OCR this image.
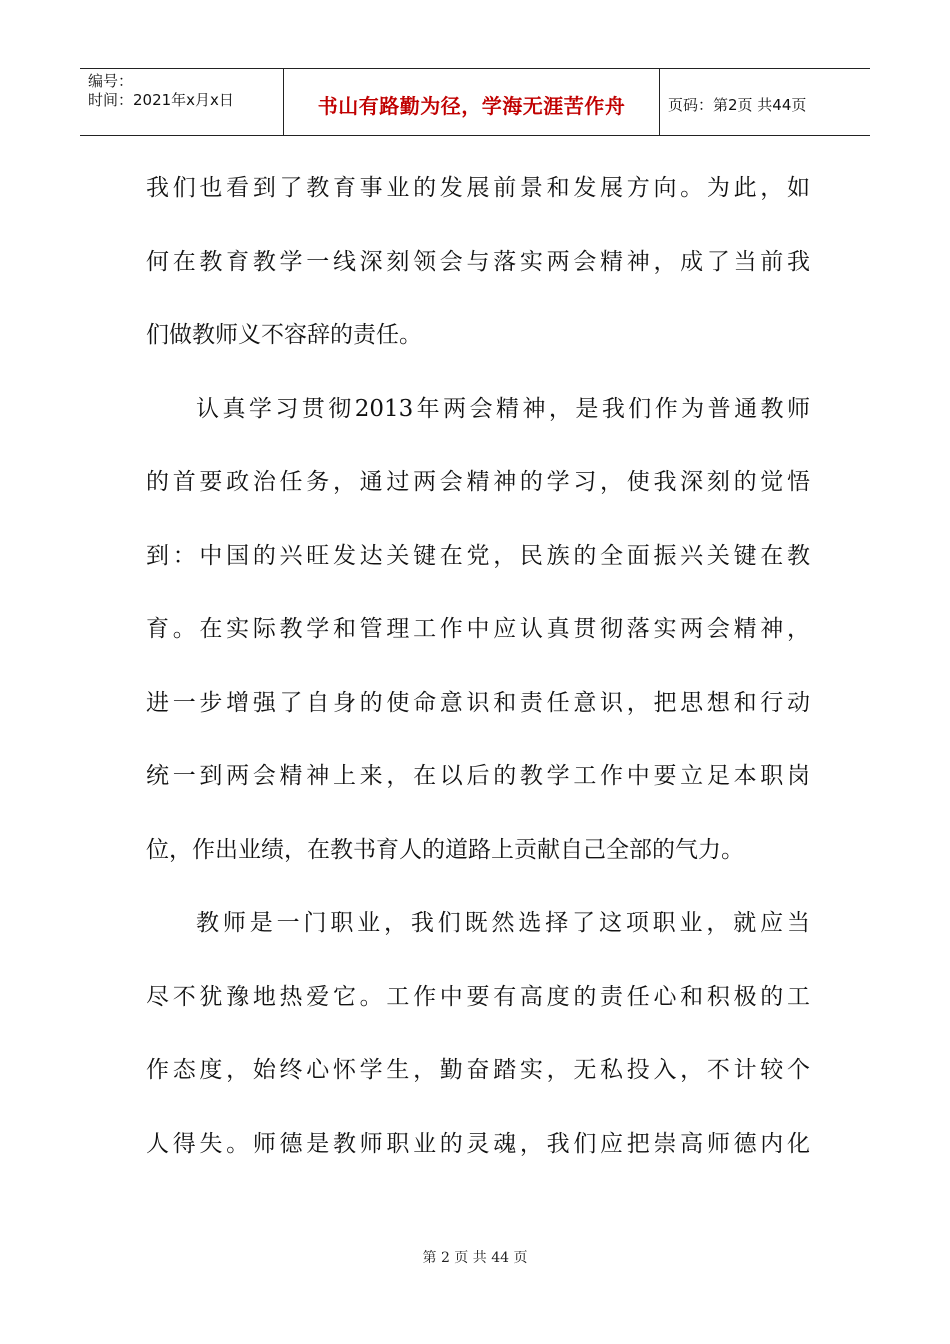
编号：
时间：2021年x月x日	书山有路勤为径，学海无涯苦作舟	页码：第2页 共44页
我们也看到了教育事业的发展前景和发展方向。为此，如
何在教育教学一线深刻领会与落实两会精神，成了当前我
们做教师义不容辞的责任。
认真学习贯彻2013年两会精神，是我们作为普通教师
的首要政治任务，通过两会精神的学习，使我深刻的觉悟
到：中国的兴旺发达关键在党，民族的全面振兴关键在教
育。在实际教学和管理工作中应认真贯彻落实两会精神，
进一步增强了自身的使命意识和责任意识，把思想和行动
统一到两会精神上来，在以后的教学工作中要立足本职岗
位，作出业绩，在教书育人的道路上贡献自己全部的气力。
教师是一门职业，我们既然选择了这项职业，就应当
尽不犹豫地热爱它。工作中要有高度的责任心和积极的工
作态度，始终心怀学生，勤奋踏实，无私投入，不计较个
人得失。师德是教师职业的灵魂，我们应把崇高师德内化
第 2 页 共 44 页
